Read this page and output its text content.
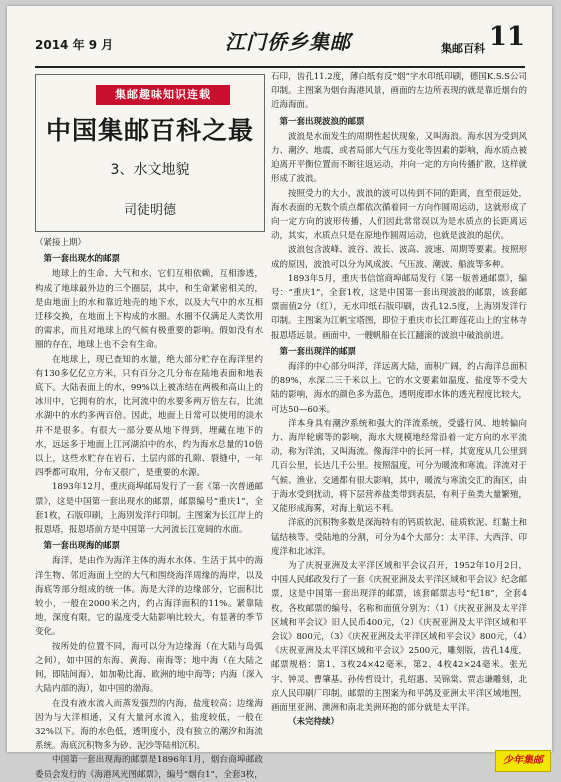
2014 年 9 月	江门侨乡集邮	集邮百科 11
集邮趣味知识连载
中国集邮百科之最
3、水文地貌
司徒明德

（紧接上期）

第一套出现水的邮票

地球上的生命、大气和水，它们互相依赖，互相渗透，构成了地球最外边的三个圈层，其中，和生命紧密相关的，是由地面上的水和靠近地壳的地下水，以及大气中的水互相迁移交换，在地面上下构成的水圈。水圈不仅满足人类饮用的需求，而且对地球上的气候有极重要的影响。假如没有水圈的存在，地球上也不会有生命。

在地球上，现已查知的水量，绝大部分贮存在海洋里约有130多亿亿立方米，只有百分之几分布在陆地表面和地表底下。大陆表面上的水，99%以上被冻结在两极和高山上的冰川中，它拥有的水，比河流中的水要多两万倍左右，比流水湖中的水约多两百倍。因此，地面上日常可以使用的淡水并不是很多。有很大一部分要从地下得到，埋藏在地下的水，远远多于地面上江河湖泊中的水，约为海水总量的10倍以上，这些水贮存在岩石、土层内部的孔隙、裂缝中，一年四季都可取用，分布又很广，是重要的水源。

1893年12月，重庆商埠邮局发行了一套《第一次普通邮票》，这是中国第一套出现水的邮票，邮票编号“重庆1”，全套1枚，石版印刷，上海別发洋行印制。主图案为长江岸上的报恩塔，报恩塔前方是中国第一大河流长江宽阔的水面。

第一套出现海的邮票

海洋，是由作为海洋主体的海水水体、生活于其中的海洋生物、邻近海面上空的大气和围绕海洋周缘的海岸，以及海底等部分组成的统一体。海是大洋的边缘部分，它面积比较小，一般在2000米之内，约占海洋面积的11%。紧靠陆地，深度有限，它的温度受大陆影响比较大，有显著的季节变化。

按所处的位置不同，海可以分为边缘海（在大陆与岛弧之间），如中国的东海、黄海、南海等；地中海（在大陆之间，即陆间海），如加勒比海、欧洲的地中海等；内海（深入大陆内部的海），如中国的渤海。

在没有液水流入而蒸发强烈的内海，盐度较高；边缘海因为与大洋相通，又有大量河水流入，盐度较低，一般在32%以下。海的水色低，透明度小，没有独立的潮汐和海流系统。海底沉积物多为砂、泥沙等陆相沉积。

中国第一套出现海的邮票是1896年1月，烟台商埠邮政委员会发行的《海港风光图邮票》，编号“烟台1”，全套3枚，

石印，齿孔11.2度，薄白纸有反“烟”字水印纸印刷，德国K.S.S公司印制。主图案为烟台海港风景，画面的左边所表现的就是靠近烟台的近海海面。

第一套出现波浪的邮票

波浪是水面发生的周期性起伏现象，又叫海浪。海水因为受到风力、潮汐、地震，或者局部大气压力变化等因素的影响，海水质点被迫离开平衡位置而不断往返运动，并向一定的方向传播扩散，这样就形成了波浪。

按照受力的大小，波浪的波可以传到不同的距离，直至很远处，海水表面的无数个质点都依次循着同一方向作圆周运动，这就形成了向一定方向的波形传播，人们因此常常误以为是水质点的长距离运动，其实，水质点只是在原地作圆周运动，也就是波浪的起伏。

波浪包含波峰、波谷、波长、波高、波速、周期等要素。按照形成的原因，波浪可以分为风成波、气压波、潮波、船波等多种。

1893年5月，重庆书信馆商埠邮局发行《第一版普通邮票》，编号：“重庆1”，全套1枚，这是中国第一套出现波浪的邮票，该套邮票面值2分（红），无水印纸石版印刷，齿孔12.5度，上海別发洋行印制。主图案为江帆宝塔图，即位于重庆市长江畔莲花山上的宝林寺报恩塔远景。画面中，一艘帆船在长江翻滚的波浪中破浪前进。

第一套出现洋的邮票

海洋的中心部分叫洋，洋远离大陆，面积广阔，约占海洋总面积的89%，水深二三千米以上。它的水文要素如温度、盐度等不受大陆的影响，海水的颜色多为蓝色，透明度即水体的透光程度比较大，可达50—60米。

洋本身具有潮汐系统和强大的洋流系统，受盛行风、地转偏向力、海岸轮廓等的影响，海水大规模地经常沿着一定方向的水平流动，称为洋流，又叫海流。像海洋中的长河一样，其宽度从几公里到几百公里，长达几千公里。按照温度，可分为暖流和寒流。洋流对于气候、渔业、交通都有很大影响，其中，暖流与寒流交汇的海区，由于海水受到扰动，将下层营养盐类带到表层，有利于鱼类大量繁殖，又能形成海雾，对海上航运不利。

洋底的沉积物多数是深海特有的钙质软泥、硅质软泥、红黏土和锰结核等。受陆地的分割，可分为4个大部分：太平洋、大西洋、印度洋和北冰洋。

为了庆祝亚洲及太平洋区域和平会议召开，1952年10月2日，中国人民邮政发行了一套《庆祝亚洲及太平洋区域和平会议》纪念邮票，这是中国第一套出现洋的邮票，该套邮票志号“纪18”，全套4枚，各枚邮票的编号、名称和面值分别为：（1）《庆祝亚洲及太平洋区域和平会议》旧人民币400元，（2）《庆祝亚洲及太平洋区域和平会议》800元，（3）《庆祝亚洲及太平洋区域和平会议》800元，（4）《庆祝亚洲及太平洋区域和平会议》2500元，雕刻版，齿孔14度，邮票规格：第1、3枚24×42毫米，第2、4枚42×24毫米。张光宇、钟灵、曹肇基、孙传哲设计，孔绍惠、吴锦棠、贾志谦雕刻，北京人民印刷厂印制。邮票的主图案为和平鸽及亚洲太平洋区域地图，画面里亚洲、澳洲和南北美洲环抱的部分就是太平洋。

（未完待续）

少年集邮
